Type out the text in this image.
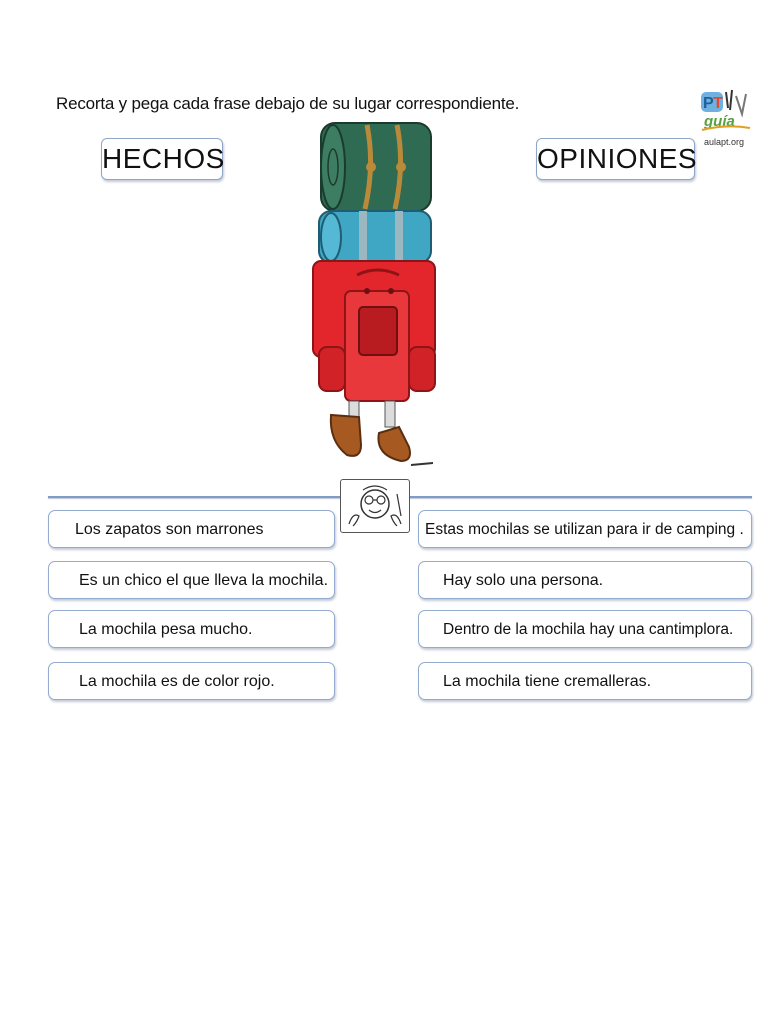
Recorta y pega cada frase debajo de su lugar correspondiente.
HECHOS	OPINIONES
P T
guía
aulapt.org
Los zapatos son marrones
Es un chico el que lleva la mochila.
La mochila pesa mucho.
La mochila es de color rojo.
Estas mochilas se utilizan para ir de camping .
Hay solo una persona.
Dentro de la mochila hay una cantimplora.
La mochila tiene cremalleras.
